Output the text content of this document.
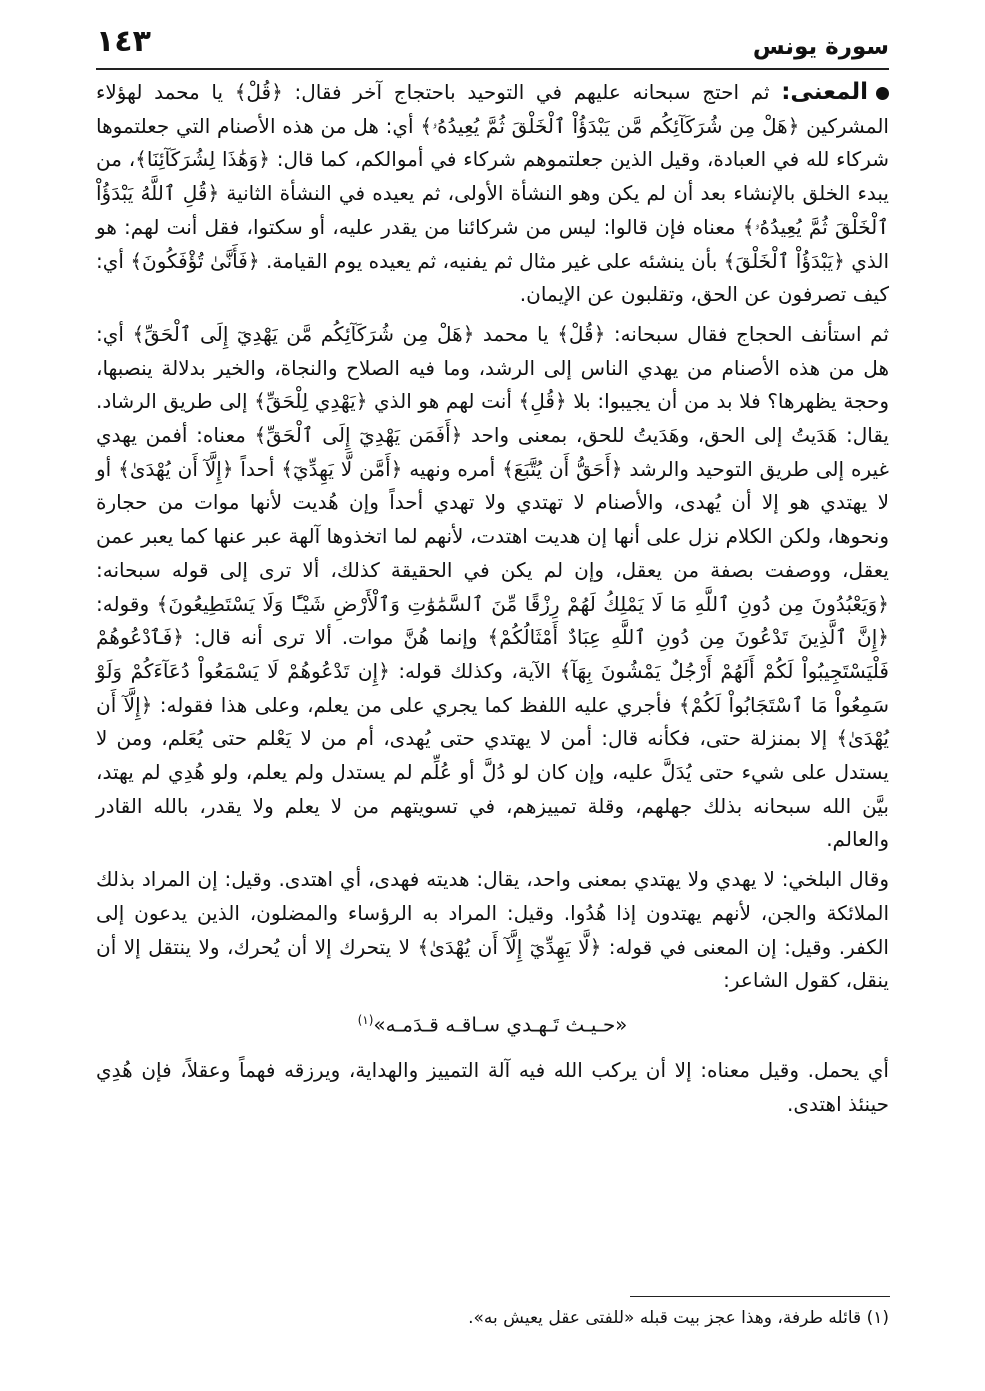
سورة يونس
١٤٣

المعنى: ثم احتج سبحانه عليهم في التوحيد باحتجاج آخر فقال: ﴿قُلْ﴾ يا محمد لهؤلاء المشركين ﴿هَلْ مِن شُرَكَآئِكُم مَّن يَبْدَؤُاْ ٱلْخَلْقَ ثُمَّ يُعِيدُهُۥ﴾ أي: هل من هذه الأصنام التي جعلتموها شركاء لله في العبادة، وقيل الذين جعلتموهم شركاء في أموالكم، كما قال: ﴿وَهَٰذَا لِشُرَكَآئِنَا﴾، من يبدء الخلق بالإنشاء بعد أن لم يكن وهو النشأة الأولى، ثم يعيده في النشأة الثانية ﴿قُلِ ٱللَّهُ يَبْدَؤُاْ ٱلْخَلْقَ ثُمَّ يُعِيدُهُۥ﴾ معناه فإن قالوا: ليس من شركائنا من يقدر عليه، أو سكتوا، فقل أنت لهم: هو الذي ﴿يَبْدَؤُاْ ٱلْخَلْقَ﴾ بأن ينشئه على غير مثال ثم يفنيه، ثم يعيده يوم القيامة. ﴿فَأَنَّىٰ تُؤْفَكُونَ﴾ أي: كيف تصرفون عن الحق، وتقلبون عن الإيمان.

ثم استأنف الحجاج فقال سبحانه: ﴿قُلْ﴾ يا محمد ﴿هَلْ مِن شُرَكَآئِكُم مَّن يَهْدِيٓ إِلَى ٱلْحَقِّ﴾ أي: هل من هذه الأصنام من يهدي الناس إلى الرشد، وما فيه الصلاح والنجاة، والخير بدلالة ينصبها، وحجة يظهرها؟ فلا بد من أن يجيبوا: بلا ﴿قُلِ﴾ أنت لهم هو الذي ﴿يَهْدِي لِلْحَقِّ﴾ إلى طريق الرشاد. يقال: هَدَيتُ إلى الحق، وهَدَيتُ للحق، بمعنى واحد ﴿أَفَمَن يَهْدِيٓ إِلَى ٱلْحَقِّ﴾ معناه: أفمن يهدي غيره إلى طريق التوحيد والرشد ﴿أَحَقُّ أَن يُتَّبَعَ﴾ أمره ونهيه ﴿أَمَّن لَّا يَهِدِّيٓ﴾ أحداً ﴿إِلَّآ أَن يُهْدَىٰ﴾ أو لا يهتدي هو إلا أن يُهدى، والأصنام لا تهتدي ولا تهدي أحداً وإن هُديت لأنها موات من حجارة ونحوها، ولكن الكلام نزل على أنها إن هديت اهتدت، لأنهم لما اتخذوها آلهة عبر عنها كما يعبر عمن يعقل، ووصفت بصفة من يعقل، وإن لم يكن في الحقيقة كذلك، ألا ترى إلى قوله سبحانه: ﴿وَيَعْبُدُونَ مِن دُونِ ٱللَّهِ مَا لَا يَمْلِكُ لَهُمْ رِزْقًا مِّنَ ٱلسَّمَٰوَٰتِ وَٱلْأَرْضِ شَيْـًٔا وَلَا يَسْتَطِيعُونَ﴾ وقوله: ﴿إِنَّ ٱلَّذِينَ تَدْعُونَ مِن دُونِ ٱللَّهِ عِبَادٌ أَمْثَالُكُمْ﴾ وإنما هُنَّ موات. ألا ترى أنه قال: ﴿فَٱدْعُوهُمْ فَلْيَسْتَجِيبُواْ لَكُمْ أَلَهُمْ أَرْجُلٌ يَمْشُونَ بِهَآ﴾ الآية، وكذلك قوله: ﴿إِن تَدْعُوهُمْ لَا يَسْمَعُواْ دُعَآءَكُمْ وَلَوْ سَمِعُواْ مَا ٱسْتَجَابُواْ لَكُمْ﴾ فأجري عليه اللفظ كما يجري على من يعلم، وعلى هذا فقوله: ﴿إِلَّآ أَن يُهْدَىٰ﴾ إلا بمنزلة حتى، فكأنه قال: أمن لا يهتدي حتى يُهدى، أم من لا يَعْلم حتى يُعَلم، ومن لا يستدل على شيء حتى يُدَلَّ عليه، وإن كان لو دُلَّ أو عُلِّم لم يستدل ولم يعلم، ولو هُدِي لم يهتد، بيَّن الله سبحانه بذلك جهلهم، وقلة تمييزهم، في تسويتهم من لا يعلم ولا يقدر، بالله القادر والعالم.

وقال البلخي: لا يهدي ولا يهتدي بمعنى واحد، يقال: هديته فهدى، أي اهتدى. وقيل: إن المراد بذلك الملائكة والجن، لأنهم يهتدون إذا هُدُوا. وقيل: المراد به الرؤساء والمضلون، الذين يدعون إلى الكفر. وقيل: إن المعنى في قوله: ﴿لَّا يَهِدِّيٓ إِلَّآ أَن يُهْدَىٰ﴾ لا يتحرك إلا أن يُحرك، ولا ينتقل إلا أن ينقل، كقول الشاعر:

«حـيـث تَـهـدي سـاقـه قـدَمـه»$^{(١)}$

أي يحمل. وقيل معناه: إلا أن يركب الله فيه آلة التمييز والهداية، ويرزقه فهماً وعقلاً، فإن هُدِي حينئذ اهتدى.

(١) قائله طرفة، وهذا عجز بيت قبله «للفتى عقل يعيش به».
